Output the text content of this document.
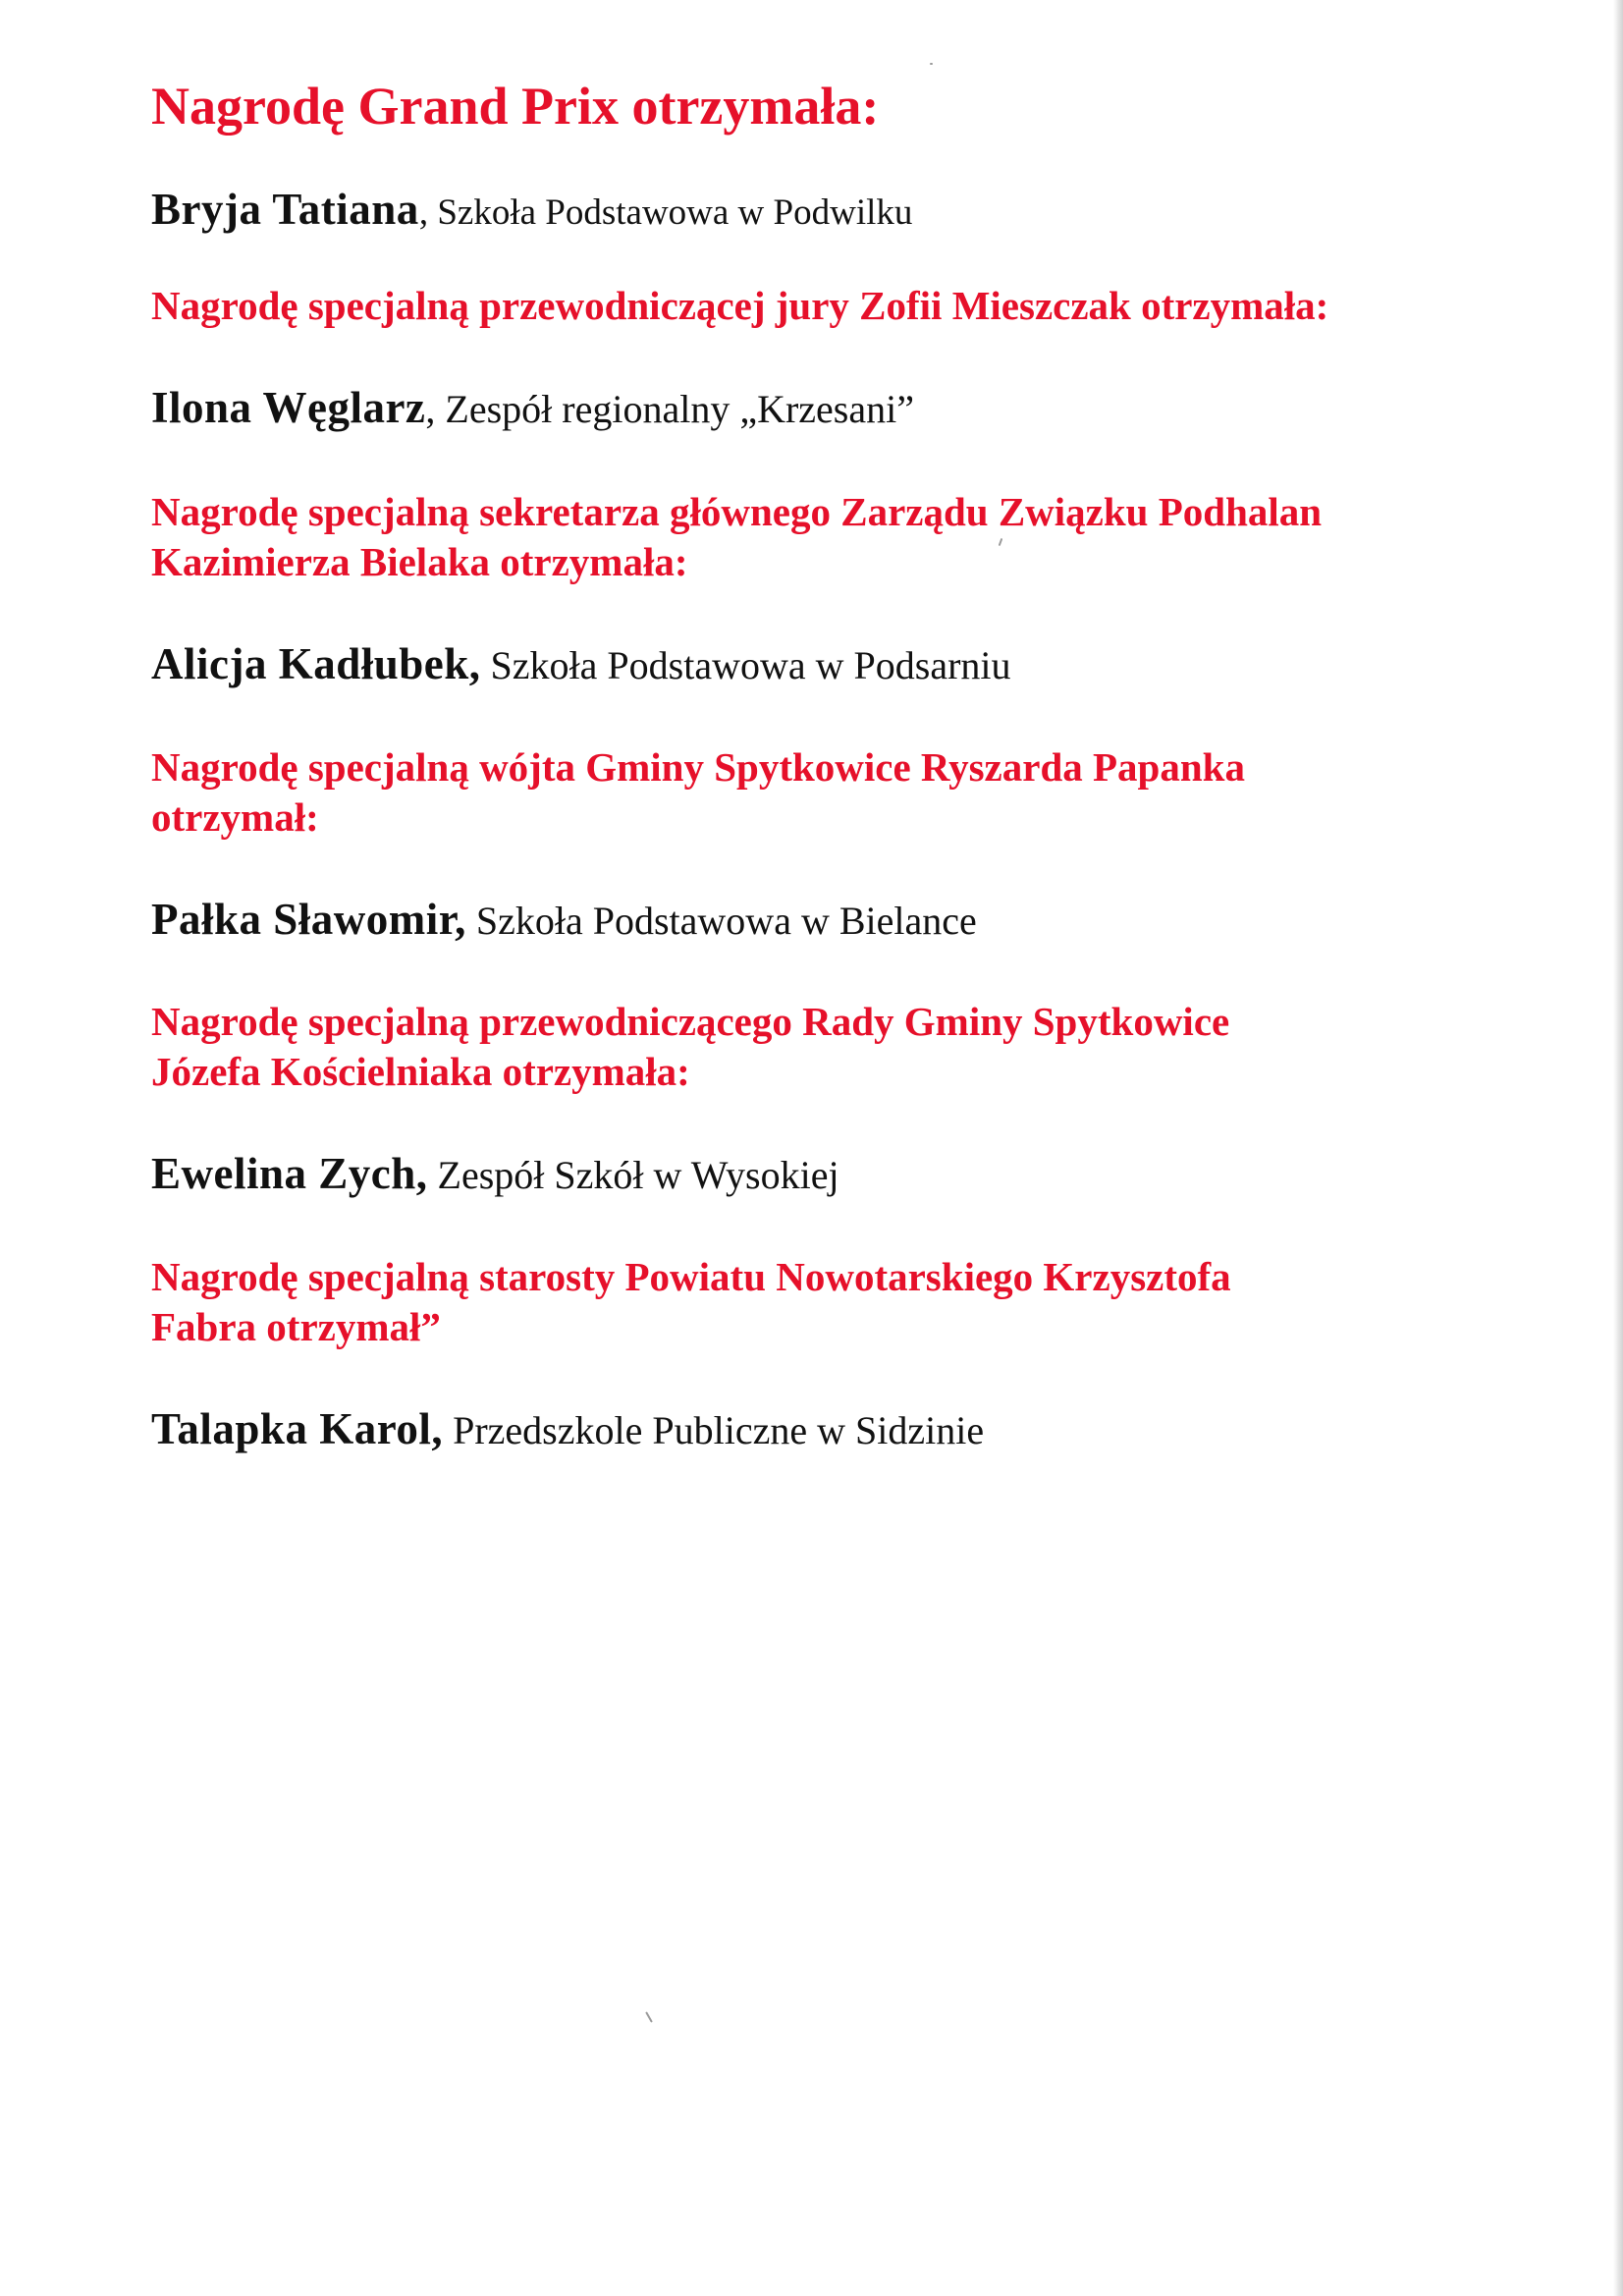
Nagrodę Grand Prix otrzymała:
Bryja Tatiana, Szkoła Podstawowa w Podwilku
Nagrodę specjalną przewodniczącej jury Zofii Mieszczak otrzymała:
Ilona Węglarz, Zespół regionalny „Krzesani”
Nagrodę specjalną sekretarza głównego Zarządu Związku Podhalan
Kazimierza Bielaka otrzymała:
Alicja Kadłubek, Szkoła Podstawowa w Podsarniu
Nagrodę specjalną wójta Gminy Spytkowice Ryszarda Papanka
otrzymał:
Pałka Sławomir, Szkoła Podstawowa w Bielance
Nagrodę specjalną przewodniczącego Rady Gminy Spytkowice
Józefa Kościelniaka otrzymała:
Ewelina Zych, Zespół Szkół w Wysokiej
Nagrodę specjalną starosty Powiatu Nowotarskiego Krzysztofa
Fabra otrzymał”
Talapka Karol, Przedszkole Publiczne w Sidzinie
